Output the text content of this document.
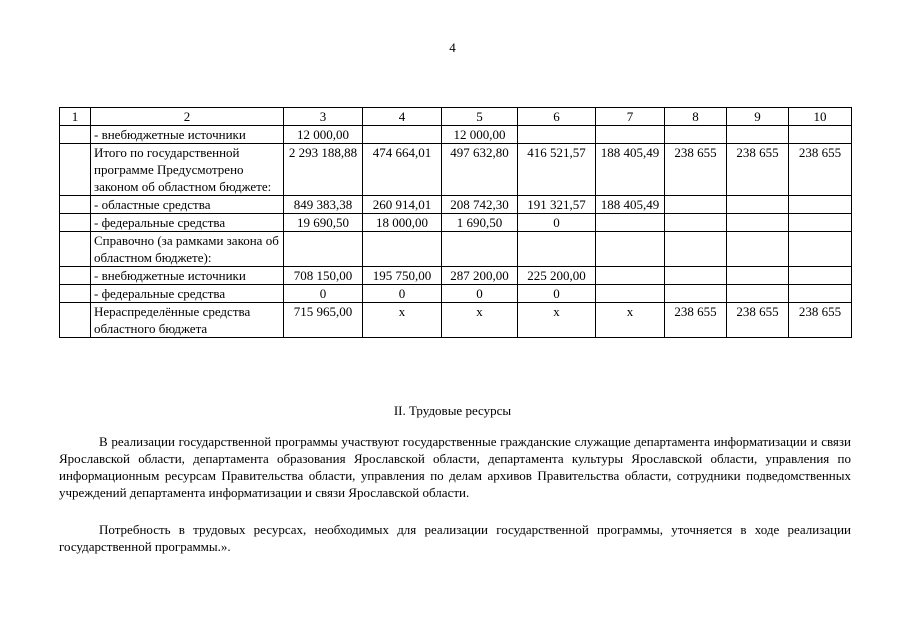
4
1	2	3	4	5	6	7	8	9	10
	- внебюджетные источники	12 000,00		12 000,00					
	Итого по государственной программе Предусмотрено законом об областном бюджете:	2 293 188,88	474 664,01	497 632,80	416 521,57	188 405,49	238 655	238 655	238 655
	- областные средства	849 383,38	260 914,01	208 742,30	191 321,57	188 405,49			
	- федеральные средства	19 690,50	18 000,00	1 690,50	0				
	Справочно (за рамками закона об областном бюджете):								
	- внебюджетные источники	708 150,00	195 750,00	287 200,00	225 200,00				
	- федеральные средства	0	0	0	0				
	Нераспределённые средства областного бюджета	715 965,00	х	х	х	х	238 655	238 655	238 655
II. Трудовые ресурсы
В реализации государственной программы участвуют государственные гражданские служащие департамента информатизации и связи Ярославской области, департамента образования Ярославской области, департамента культуры Ярославской области, управления по информационным ресурсам Правительства области, управления по делам архивов Правительства области, сотрудники подведомственных учреждений департамента информатизации и связи Ярославской области.
Потребность в трудовых ресурсах, необходимых для реализации государственной программы, уточняется в ходе реализации государственной программы.».
